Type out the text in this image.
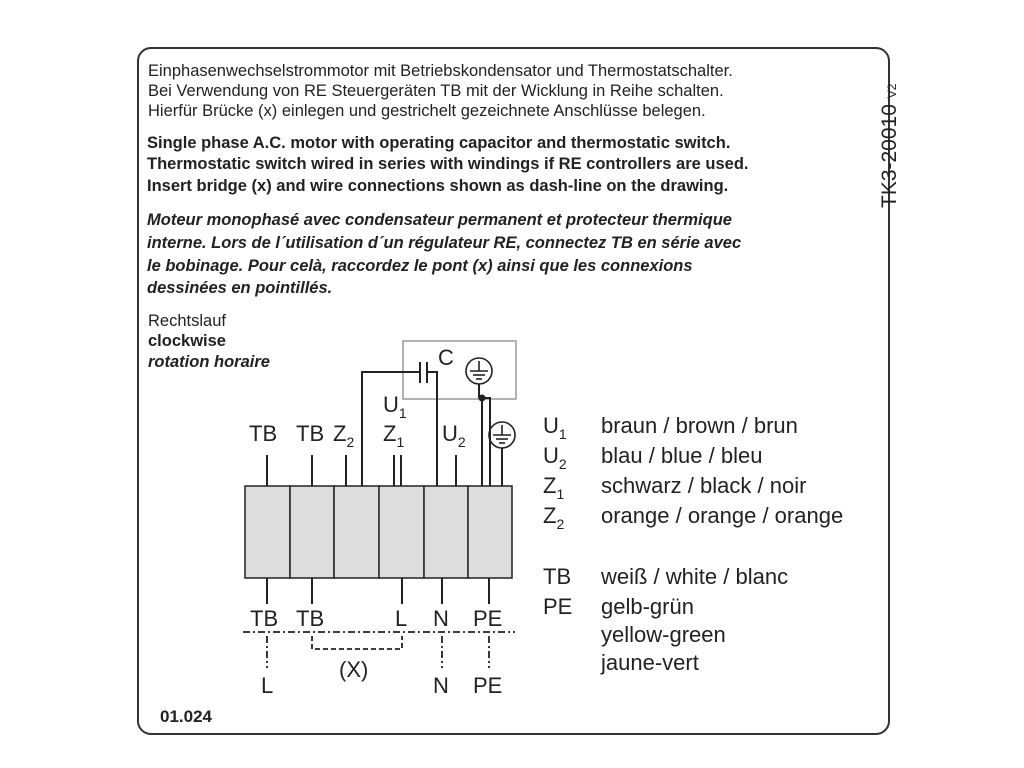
TK3-20010 V2
Einphasenwechselstrommotor mit Betriebskondensator und Thermostatschalter.
Bei Verwendung von RE Steuergeräten TB mit der Wicklung in Reihe schalten.
Hierfür Brücke (x) einlegen und gestrichelt gezeichnete Anschlüsse belegen.
Single phase A.C. motor with operating capacitor and thermostatic switch.
Thermostatic switch wired in series with windings if RE controllers are used.
Insert bridge (x) and wire connections shown as dash-line on the drawing.
Moteur monophasé avec condensateur permanent et protecteur thermique
interne. Lors de l´utilisation d´un régulateur RE, connectez TB en série avec
le bobinage. Pour celà, raccordez le pont (x) ainsi que les connexions
dessinées en pointillés.
Rechtslauf
clockwise
rotation horaire
01.024
C
TB TB $Z_2$ $Z_1$ $U_2$
$U_1$
TB TB	L N PE
(X)
L	N PE
$U_1$ braun / brown / brun
$U_2$ blau / blue / bleu
$Z_1$ schwarz / black / noir
$Z_2$ orange / orange / orange
TB weiß / white / blanc
PE gelb-grün
yellow-green
jaune-vert
